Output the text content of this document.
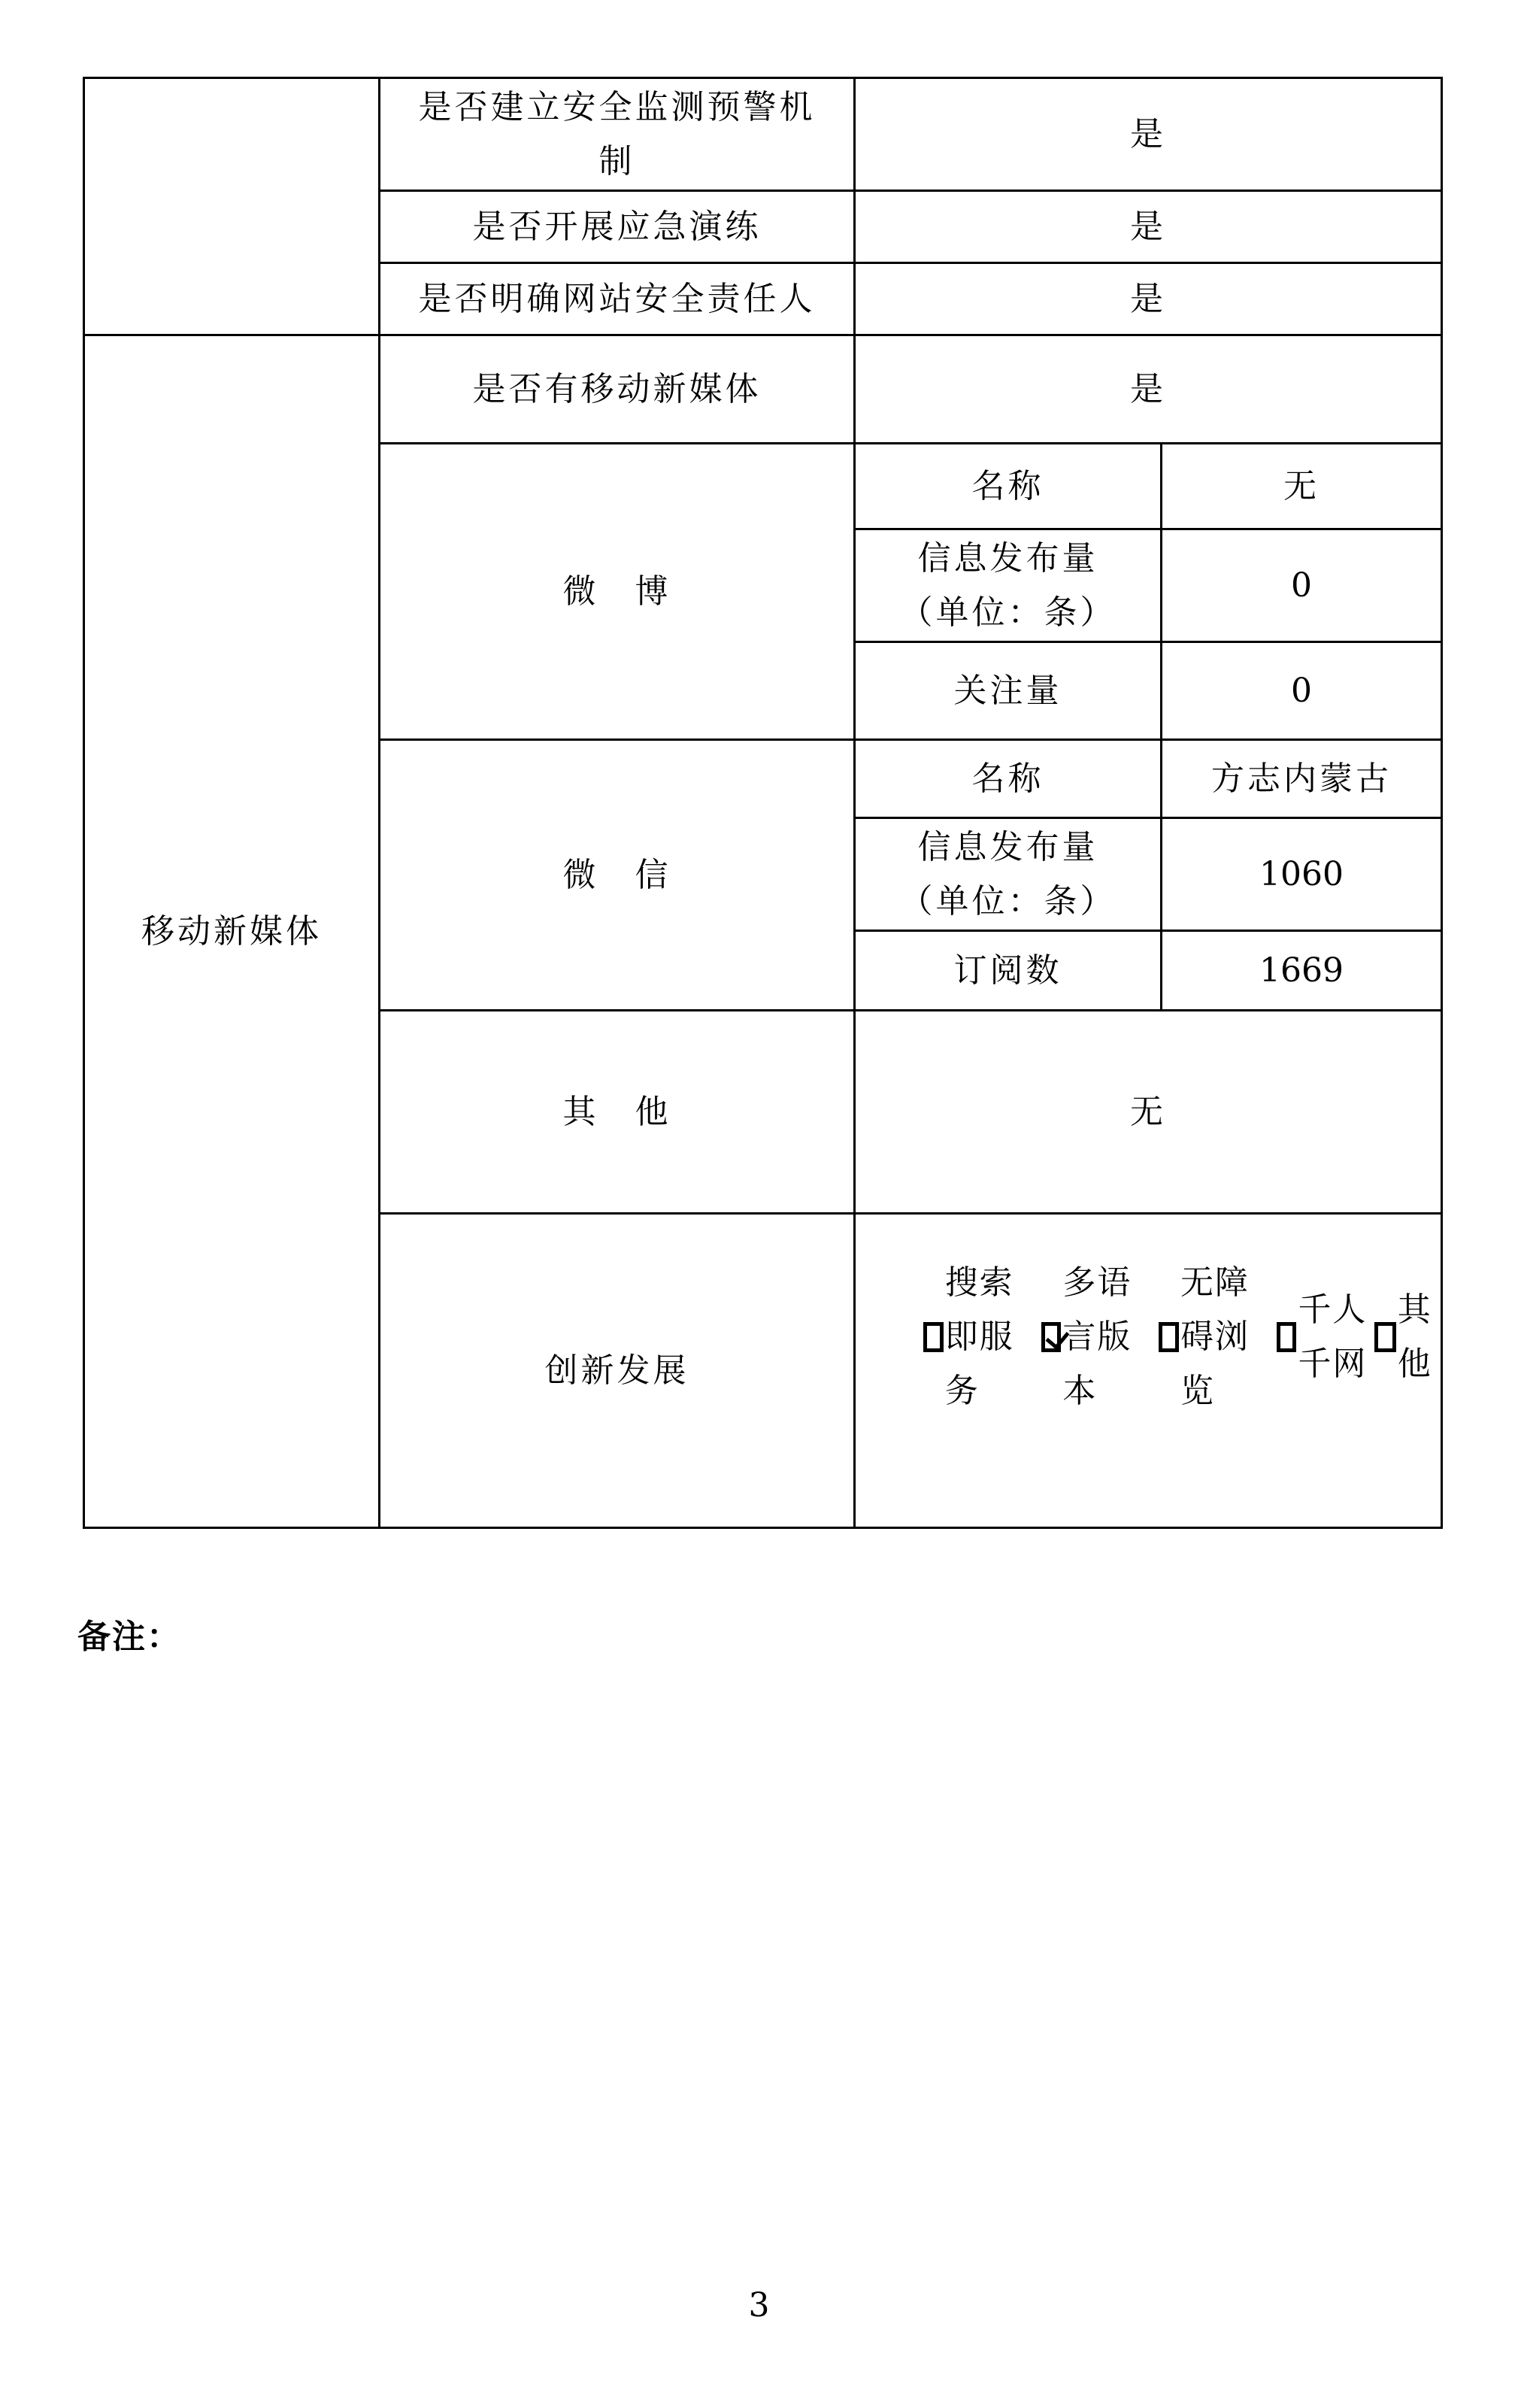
	是否建立安全监测预警机制	是	
	是否开展应急演练	是	
	是否明确网站安全责任人	是	
移动新媒体	是否有移动新媒体	是	
	微　博	名称	无
		信息发布量（单位：条）	0
		关注量	0
	微　信	名称	方志内蒙古
		信息发布量（单位：条）	1060
		订阅数	1669
	其　他	无	
	创新发展	搜索即服务
多语言版本
无障碍浏览
千人千网
其他	
备注：
3
